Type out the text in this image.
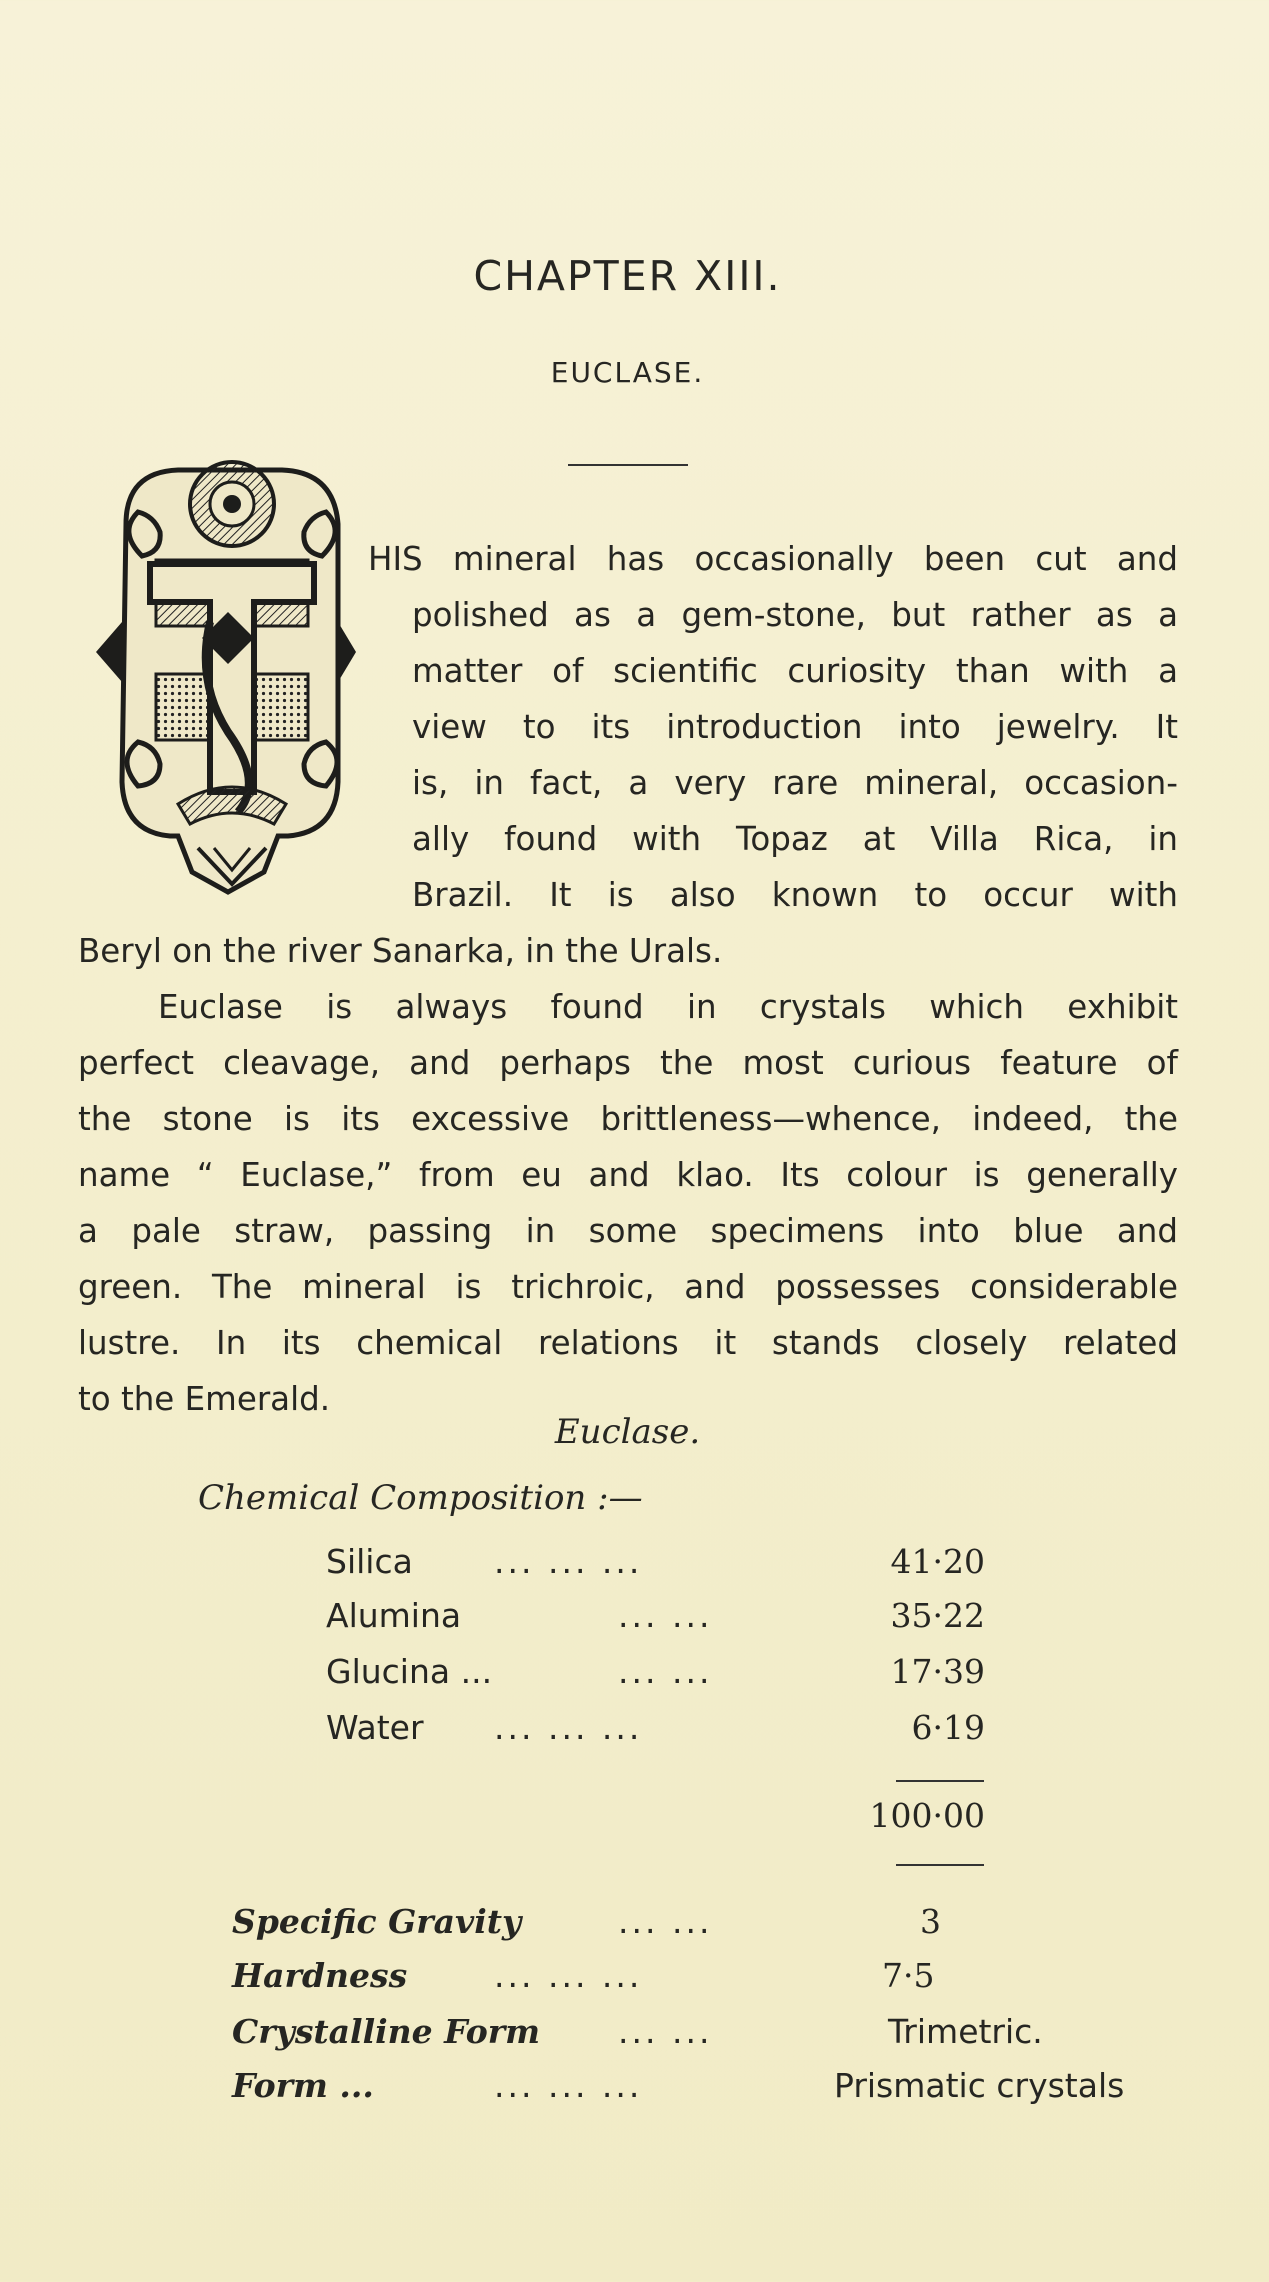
CHAPTER XIII.
EUCLASE.
HIS mineral has occasionally been cut and
polished as a gem-stone, but rather as a
matter of scientific curiosity than with a
view to its introduction into jewelry. It
is, in fact, a very rare mineral, occasion-
ally found with Topaz at Villa Rica, in
Brazil. It is also known to occur with
Beryl on the river Sanarka, in the Urals.
Euclase is always found in crystals which exhibit
perfect cleavage, and perhaps the most curious feature of
the stone is its excessive brittleness—whence, indeed, the
name “ Euclase,” from eu and klao. Its colour is generally
a pale straw, passing in some specimens into blue and
green. The mineral is trichroic, and possesses considerable
lustre. In its chemical relations it stands closely related
to the Emerald.
Euclase.
Chemical Composition :—
Silica ... ... ...	41·20
Alumina	... ...	35·22
Glucina ...	... ...	17·39
Water ... ... ...	6·19
100·00
Specific Gravity	... ...	3
Hardness	... ... ...	7·5
Crystalline Form ... ...	Trimetric.
Form ...	... ... ...	Prismatic crystals
